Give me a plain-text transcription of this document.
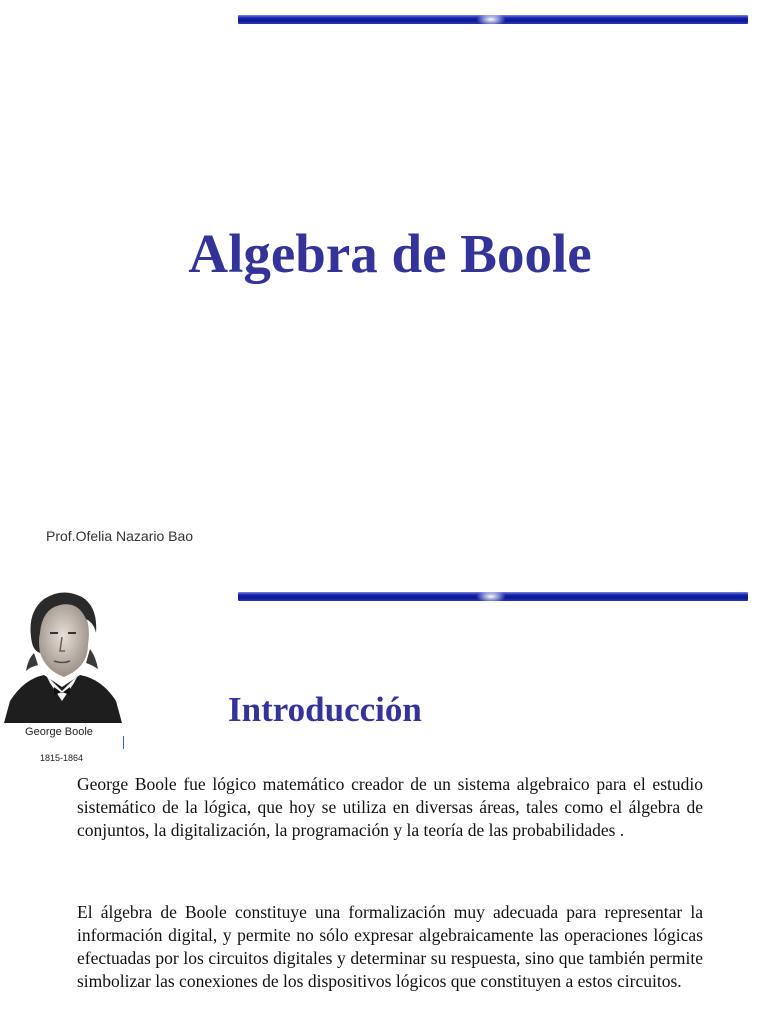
Algebra de Boole

Prof.Ofelia Nazario Bao

George Boole

1815-1864

Introducción

George Boole fue lógico matemático creador de un sistema algebraico para el estudio sistemático de la lógica, que hoy se utiliza en diversas áreas, tales como el álgebra de conjuntos, la digitalización, la programación y la teoría de las probabilidades .

El álgebra de Boole constituye una formalización muy adecuada para representar la información digital, y permite no sólo expresar algebraicamente las operaciones lógicas efectuadas por los circuitos digitales y determinar su respuesta, sino que también permite simbolizar las conexiones de los dispositivos lógicos que constituyen a estos circuitos.
